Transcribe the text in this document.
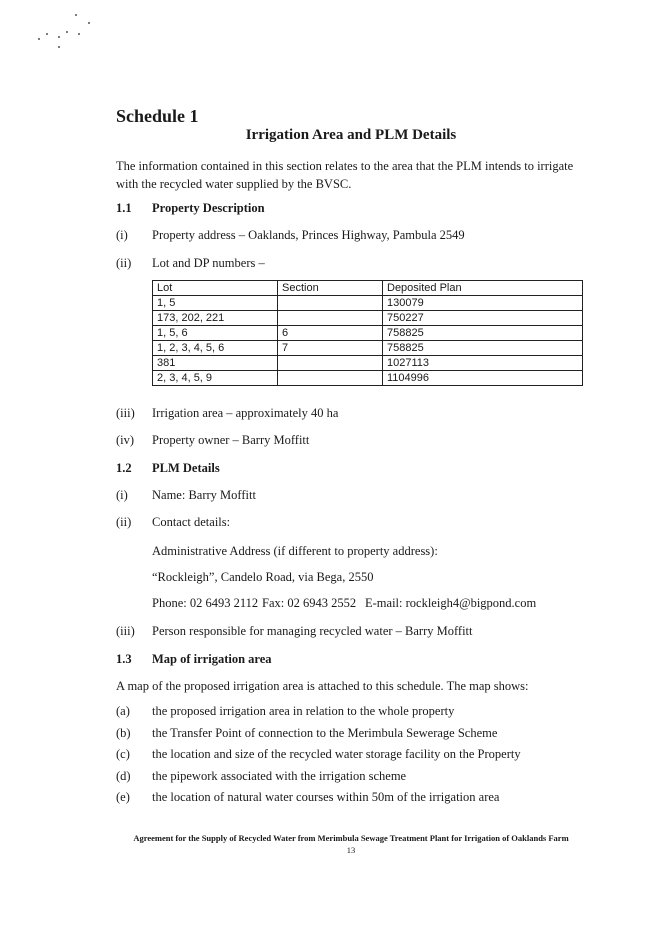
Schedule 1
Irrigation Area and PLM Details
The information contained in this section relates to the area that the PLM intends to irrigate with the recycled water supplied by the BVSC.
1.1 Property Description
(i) Property address – Oaklands, Princes Highway, Pambula 2549
(ii) Lot and DP numbers –
Lot	Section	Deposited Plan
1, 5		130079
173, 202, 221		750227
1, 5, 6	6	758825
1, 2, 3, 4, 5, 6	7	758825
381		1027113
2, 3, 4, 5, 9		1104996
(iii) Irrigation area – approximately 40 ha
(iv) Property owner – Barry Moffitt
1.2 PLM Details
(i) Name: Barry Moffitt
(ii) Contact details:
Administrative Address (if different to property address):
“Rockleigh”, Candelo Road, via Bega, 2550
Phone: 02 6493 2112 Fax: 02 6943 2552 E-mail: rockleigh4@bigpond.com
(iii) Person responsible for managing recycled water – Barry Moffitt
1.3 Map of irrigation area
A map of the proposed irrigation area is attached to this schedule. The map shows:
(a) the proposed irrigation area in relation to the whole property
(b) the Transfer Point of connection to the Merimbula Sewerage Scheme
(c) the location and size of the recycled water storage facility on the Property
(d) the pipework associated with the irrigation scheme
(e) the location of natural water courses within 50m of the irrigation area
Agreement for the Supply of Recycled Water from Merimbula Sewage Treatment Plant for Irrigation of Oaklands Farm
13
